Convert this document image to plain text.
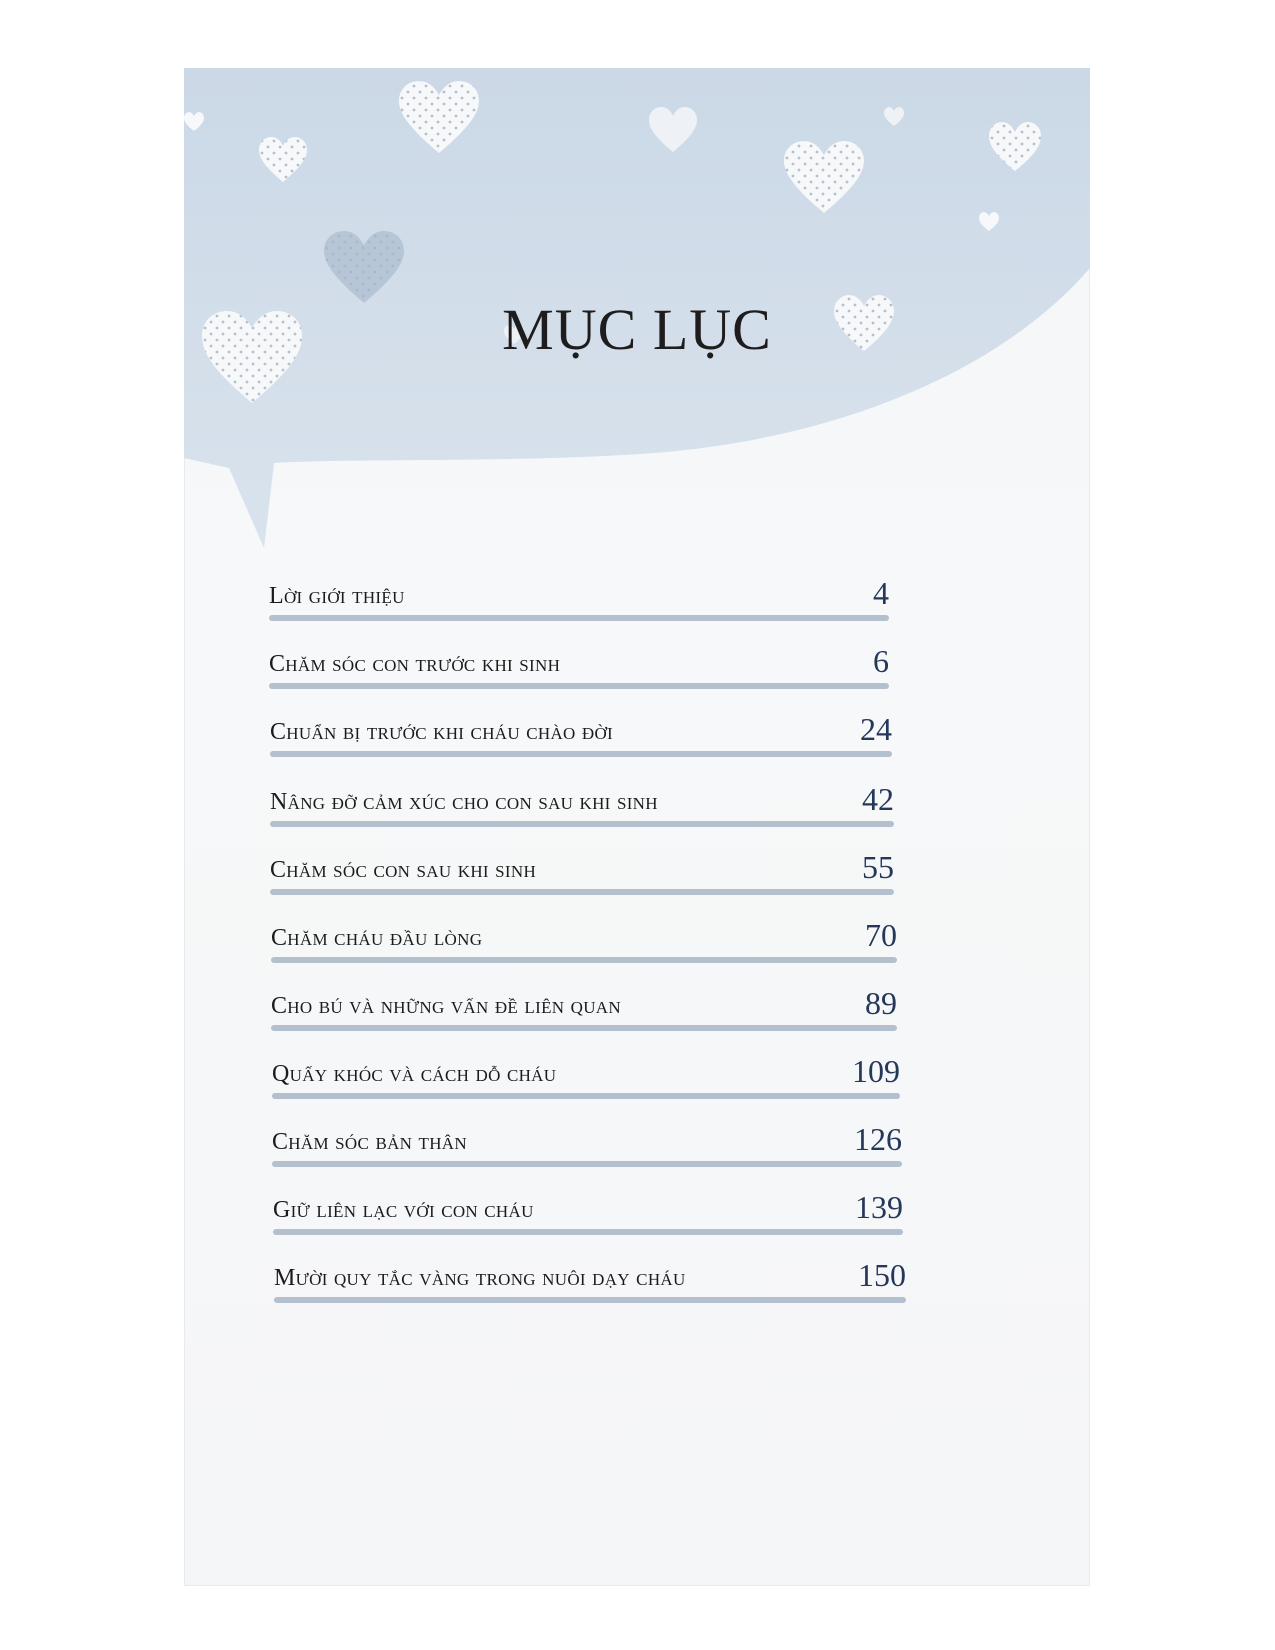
MỤC LỤC
Lời giới thiệu	4
Chăm sóc con trước khi sinh	6
Chuẩn bị trước khi cháu chào đời	24
Nâng đỡ cảm xúc cho con sau khi sinh	42
Chăm sóc con sau khi sinh	55
Chăm cháu đầu lòng	70
Cho bú và những vấn đề liên quan	89
Quấy khóc và cách dỗ cháu	109
Chăm sóc bản thân	126
Giữ liên lạc với con cháu	139
Mười quy tắc vàng trong nuôi dạy cháu	150
